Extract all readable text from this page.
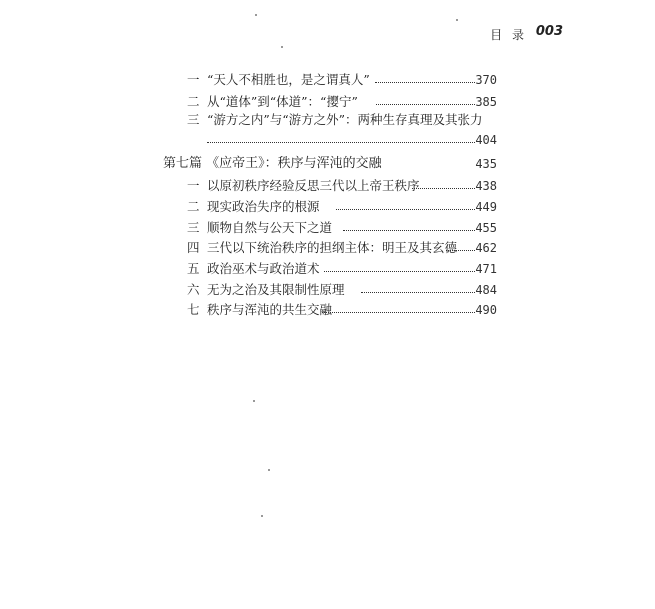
目 录 003
一 “天人不相胜也，是之谓真人”	370
二 从“道体”到“体道”：“撄宁”	385
三 “游方之内”与“游方之外”：两种生存真理及其张力
404
第七篇 《应帝王》：秩序与浑沌的交融	435
一 以原初秩序经验反思三代以上帝王秩序	438
二 现实政治失序的根源	449
三 顺物自然与公天下之道	455
四 三代以下统治秩序的担纲主体：明王及其玄德 462
五 政治巫术与政治道术	471
六 无为之治及其限制性原理	484
七 秩序与浑沌的共生交融	490
